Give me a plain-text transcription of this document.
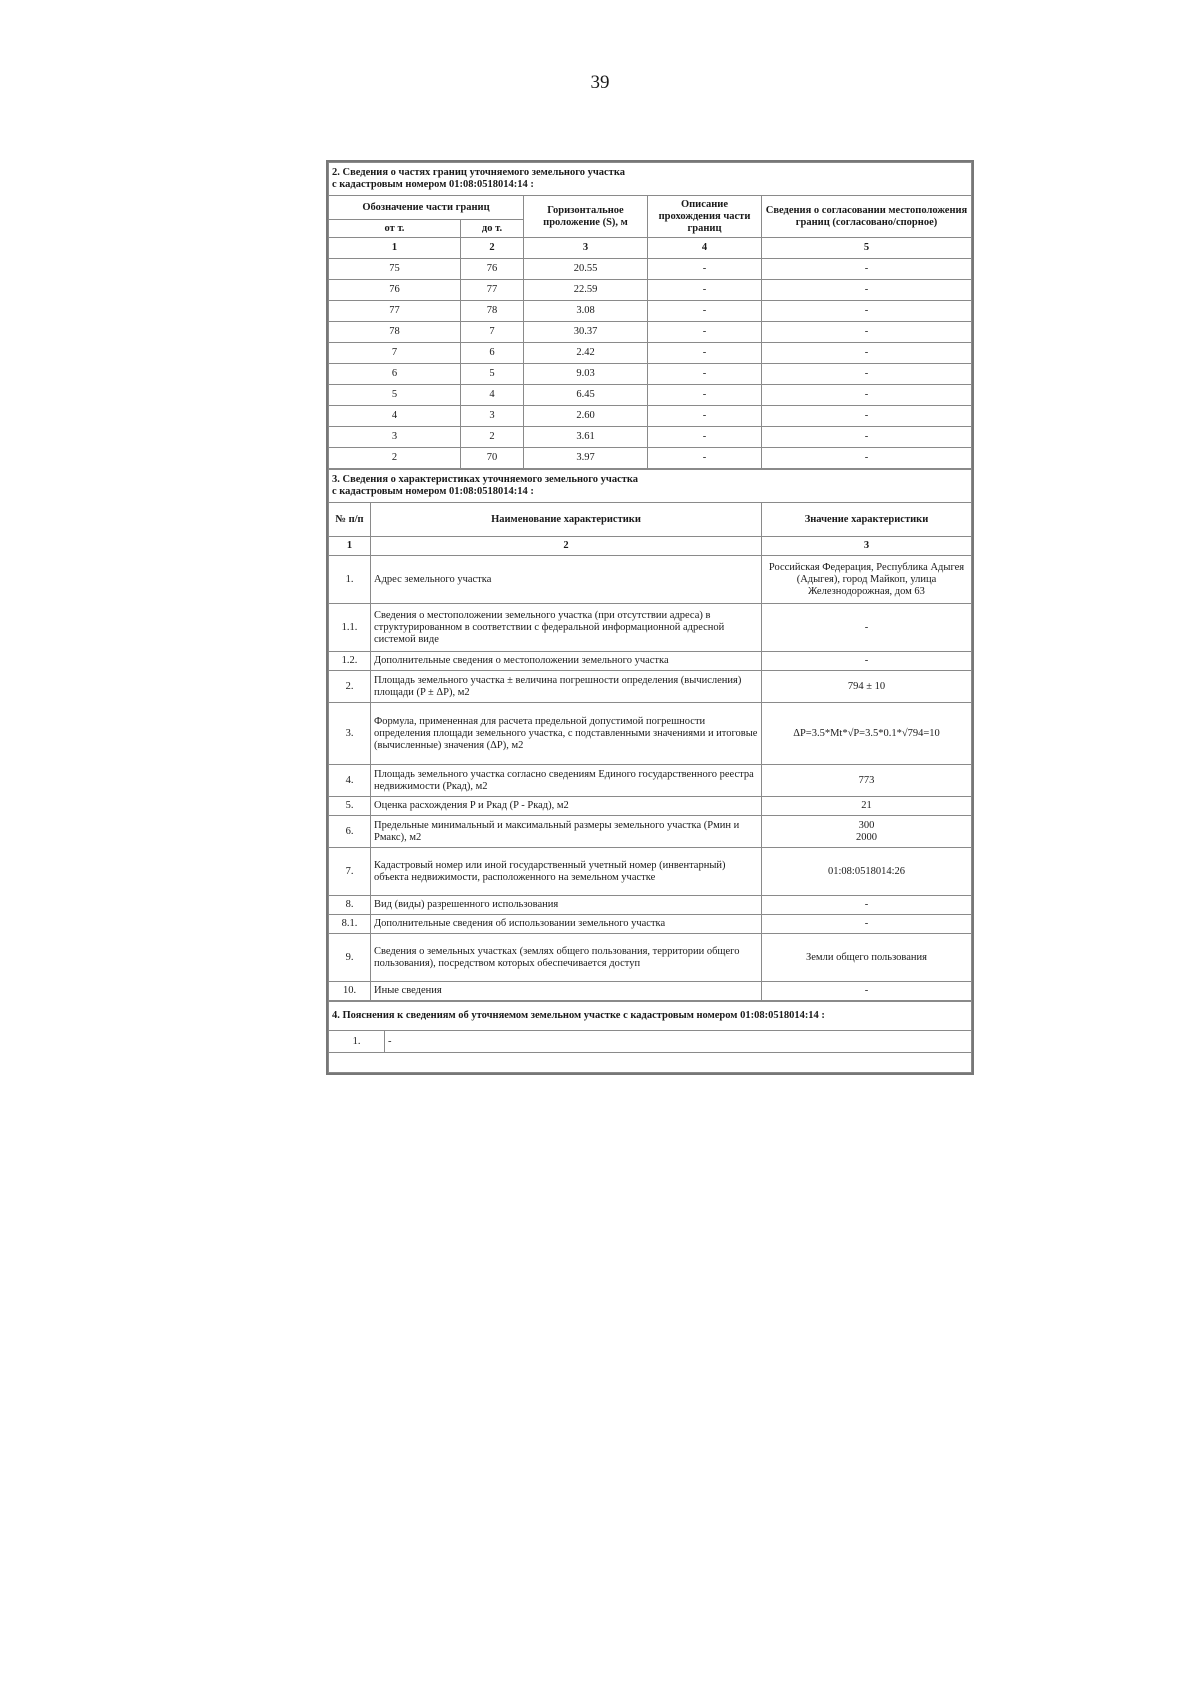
39
2. Сведения о частях границ уточняемого земельного участка
с кадастровым номером 01:08:0518014:14 :				

Обозначение части границ		Горизонтальное проложение (S), м	Описание прохождения части границ	Сведения о согласовании местоположения границ (согласовано/спорное)
от т.	до т.			
1	2	3	4	5
75	76	20.55	-	-
76	77	22.59	-	-
77	78	3.08	-	-
78	7	30.37	-	-
7	6	2.42	-	-
6	5	9.03	-	-
5	4	6.45	-	-
4	3	2.60	-	-
3	2	3.61	-	-
2	70	3.97	-	-
3. Сведения о характеристиках уточняемого земельного участка
с кадастровым номером 01:08:0518014:14 :		

№ п/п	Наименование характеристики	Значение характеристики
1	2	3
1.	Адрес земельного участка	Российская Федерация, Республика Адыгея (Адыгея), город Майкоп, улица Железнодорожная, дом 63
1.1.	Сведения о местоположении земельного участка (при отсутствии адреса) в структурированном в соответствии с федеральной информационной адресной системой виде	-
1.2.	Дополнительные сведения о местоположении земельного участка	-
2.	Площадь земельного участка ± величина погрешности определения (вычисления) площади (P ± ΔP), м2	794 ± 10
3.	Формула, примененная для расчета предельной допустимой погрешности определения площади земельного участка, с подставленными значениями и итоговые (вычисленные) значения (ΔP), м2	ΔP=3.5*Mt*√P=3.5*0.1*√794=10
4.	Площадь земельного участка согласно сведениям Единого государственного реестра недвижимости (Ркад), м2	773
5.	Оценка расхождения P и Ркад (P - Ркад), м2	21
6.	Предельные минимальный и максимальный размеры земельного участка (Рмин и Рмакс), м2	300
2000

7.	Кадастровый номер или иной государственный учетный номер (инвентарный) объекта недвижимости, расположенного на земельном участке	01:08:0518014:26
8.	Вид (виды) разрешенного использования	-
8.1.	Дополнительные сведения об использовании земельного участка	-
9.	Сведения о земельных участках (землях общего пользования, территории общего пользования), посредством которых обеспечивается доступ	Земли общего пользования
10.	Иные сведения	-
4. Пояснения к сведениям об уточняемом земельном участке с кадастровым номером 01:08:0518014:14 :
1.	-
